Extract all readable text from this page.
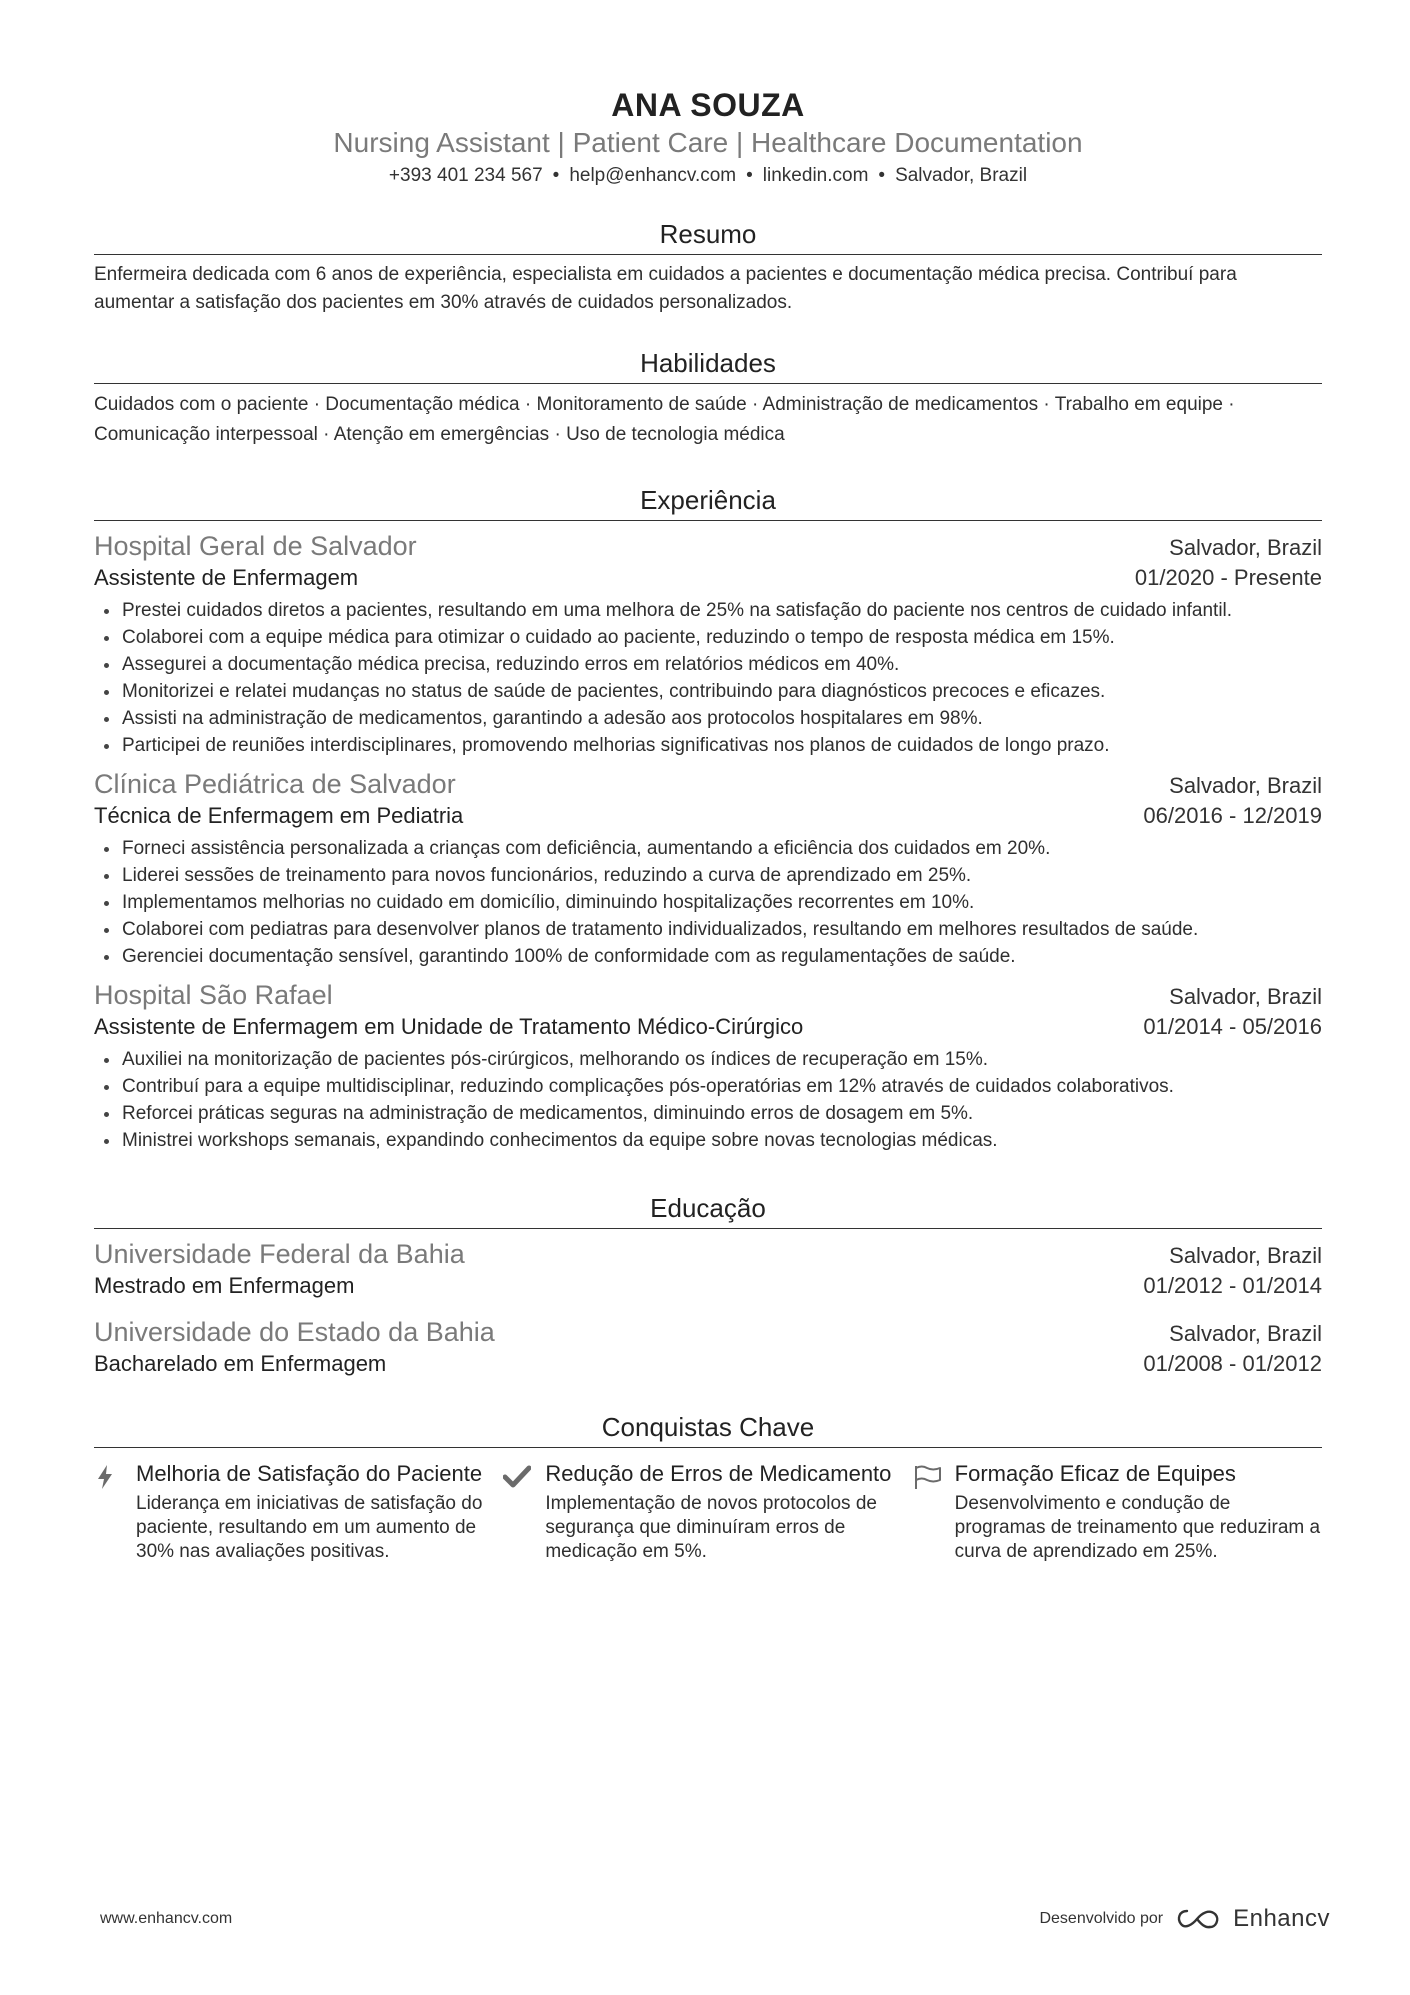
ANA SOUZA
Nursing Assistant | Patient Care | Healthcare Documentation
+393 401 234 567 • help@enhancv.com • linkedin.com • Salvador, Brazil
Resumo
Enfermeira dedicada com 6 anos de experiência, especialista em cuidados a pacientes e documentação médica precisa. Contribuí para aumentar a satisfação dos pacientes em 30% através de cuidados personalizados.
Habilidades
Cuidados com o paciente · Documentação médica · Monitoramento de saúde · Administração de medicamentos · Trabalho em equipe ·
Comunicação interpessoal · Atenção em emergências · Uso de tecnologia médica
Experiência
Hospital Geral de Salvador	Salvador, Brazil
Assistente de Enfermagem	01/2020 - Presente
Prestei cuidados diretos a pacientes, resultando em uma melhora de 25% na satisfação do paciente nos centros de cuidado infantil.
Colaborei com a equipe médica para otimizar o cuidado ao paciente, reduzindo o tempo de resposta médica em 15%.
Assegurei a documentação médica precisa, reduzindo erros em relatórios médicos em 40%.
Monitorizei e relatei mudanças no status de saúde de pacientes, contribuindo para diagnósticos precoces e eficazes.
Assisti na administração de medicamentos, garantindo a adesão aos protocolos hospitalares em 98%.
Participei de reuniões interdisciplinares, promovendo melhorias significativas nos planos de cuidados de longo prazo.
Clínica Pediátrica de Salvador	Salvador, Brazil
Técnica de Enfermagem em Pediatria	06/2016 - 12/2019
Forneci assistência personalizada a crianças com deficiência, aumentando a eficiência dos cuidados em 20%.
Liderei sessões de treinamento para novos funcionários, reduzindo a curva de aprendizado em 25%.
Implementamos melhorias no cuidado em domicílio, diminuindo hospitalizações recorrentes em 10%.
Colaborei com pediatras para desenvolver planos de tratamento individualizados, resultando em melhores resultados de saúde.
Gerenciei documentação sensível, garantindo 100% de conformidade com as regulamentações de saúde.
Hospital São Rafael	Salvador, Brazil
Assistente de Enfermagem em Unidade de Tratamento Médico-Cirúrgico	01/2014 - 05/2016
Auxiliei na monitorização de pacientes pós-cirúrgicos, melhorando os índices de recuperação em 15%.
Contribuí para a equipe multidisciplinar, reduzindo complicações pós-operatórias em 12% através de cuidados colaborativos.
Reforcei práticas seguras na administração de medicamentos, diminuindo erros de dosagem em 5%.
Ministrei workshops semanais, expandindo conhecimentos da equipe sobre novas tecnologias médicas.
Educação
Universidade Federal da Bahia	Salvador, Brazil
Mestrado em Enfermagem	01/2012 - 01/2014
Universidade do Estado da Bahia	Salvador, Brazil
Bacharelado em Enfermagem	01/2008 - 01/2012
Conquistas Chave
Melhoria de Satisfação do Paciente
Liderança em iniciativas de satisfação do paciente, resultando em um aumento de 30% nas avaliações positivas.
Redução de Erros de Medicamento
Implementação de novos protocolos de segurança que diminuíram erros de medicação em 5%.
Formação Eficaz de Equipes
Desenvolvimento e condução de programas de treinamento que reduziram a curva de aprendizado em 25%.
www.enhancv.com	Desenvolvido por	Enhancv
